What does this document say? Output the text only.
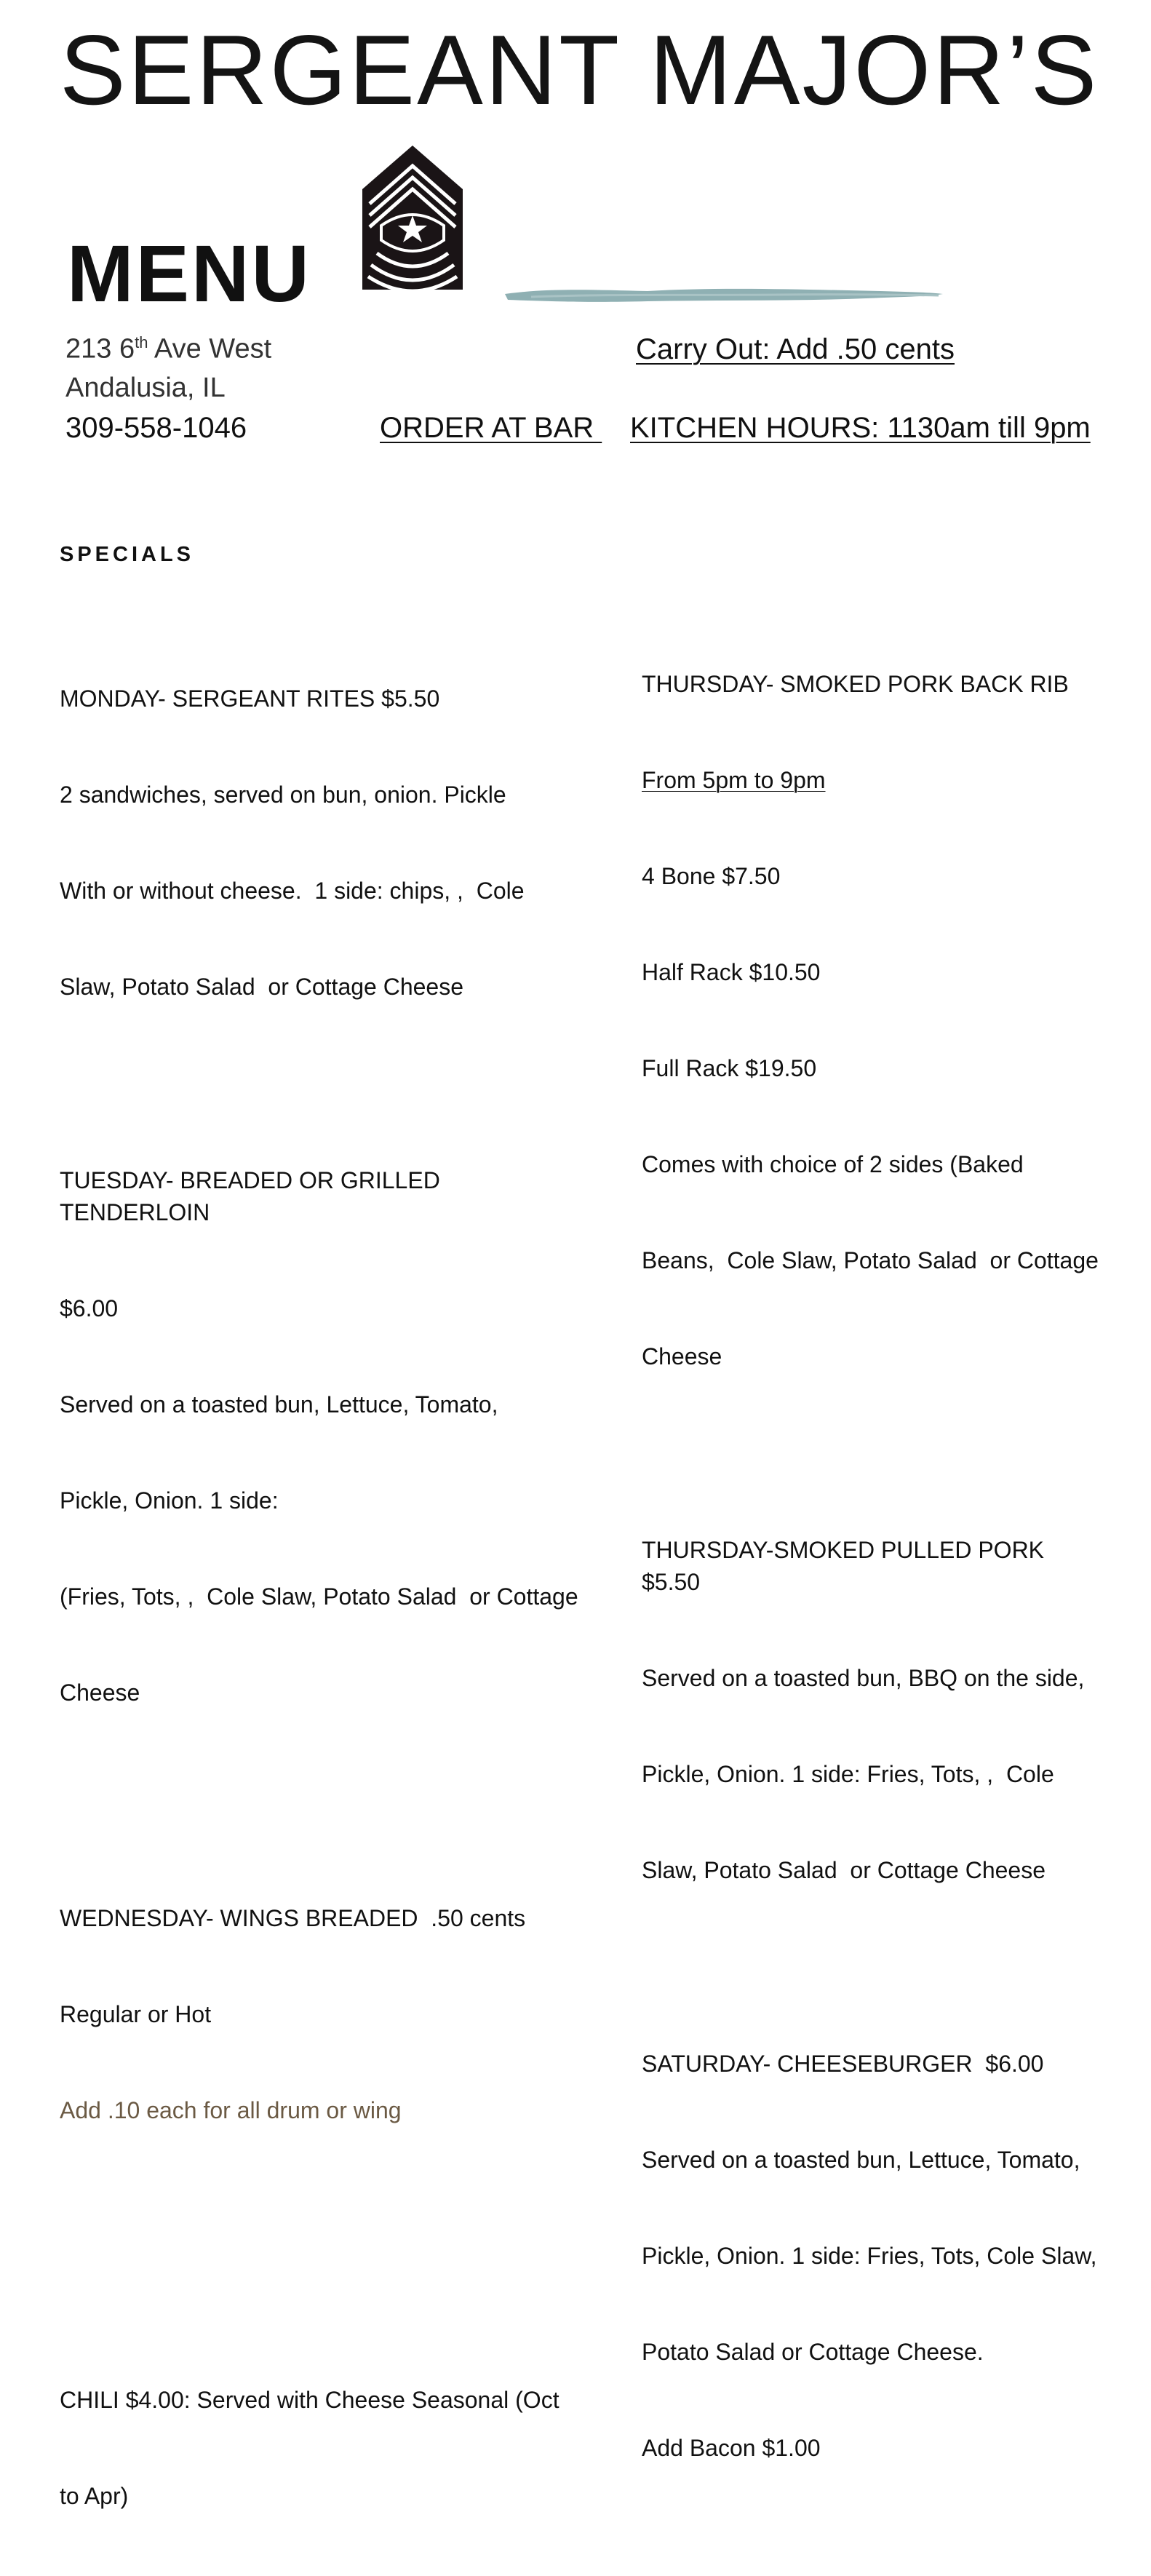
SERGEANT MAJOR’S
MENU
213 6th Ave West
Andalusia, IL
309-558-1046
Carry Out: Add .50 cents
ORDER AT BAR KITCHEN HOURS: 1130am till 9pm
SPECIALS

MONDAY- SERGEANT RITES $5.50

2 sandwiches, served on bun, onion. Pickle

With or without cheese.  1 side: chips, ,  Cole

Slaw, Potato Salad  or Cottage Cheese

TUESDAY- BREADED OR GRILLED TENDERLOIN

$6.00

Served on a toasted bun, Lettuce, Tomato,

Pickle, Onion. 1 side:

(Fries, Tots, ,  Cole Slaw, Potato Salad  or Cottage

Cheese

WEDNESDAY- WINGS BREADED  .50 cents

Regular or Hot

Add .10 each for all drum or wing

CHILI $4.00: Served with Cheese Seasonal (Oct

to Apr)

THURSDAY- SMOKED PORK BACK RIB

From 5pm to 9pm

4 Bone $7.50

Half Rack $10.50

Full Rack $19.50

Comes with choice of 2 sides (Baked

Beans,  Cole Slaw, Potato Salad  or Cottage

Cheese

THURSDAY-SMOKED PULLED PORK  $5.50

Served on a toasted bun, BBQ on the side,

Pickle, Onion. 1 side: Fries, Tots, ,  Cole

Slaw, Potato Salad  or Cottage Cheese

SATURDAY- CHEESEBURGER  $6.00

Served on a toasted bun, Lettuce, Tomato,

Pickle, Onion. 1 side: Fries, Tots, Cole Slaw,

Potato Salad or Cottage Cheese.

Add Bacon $1.00
